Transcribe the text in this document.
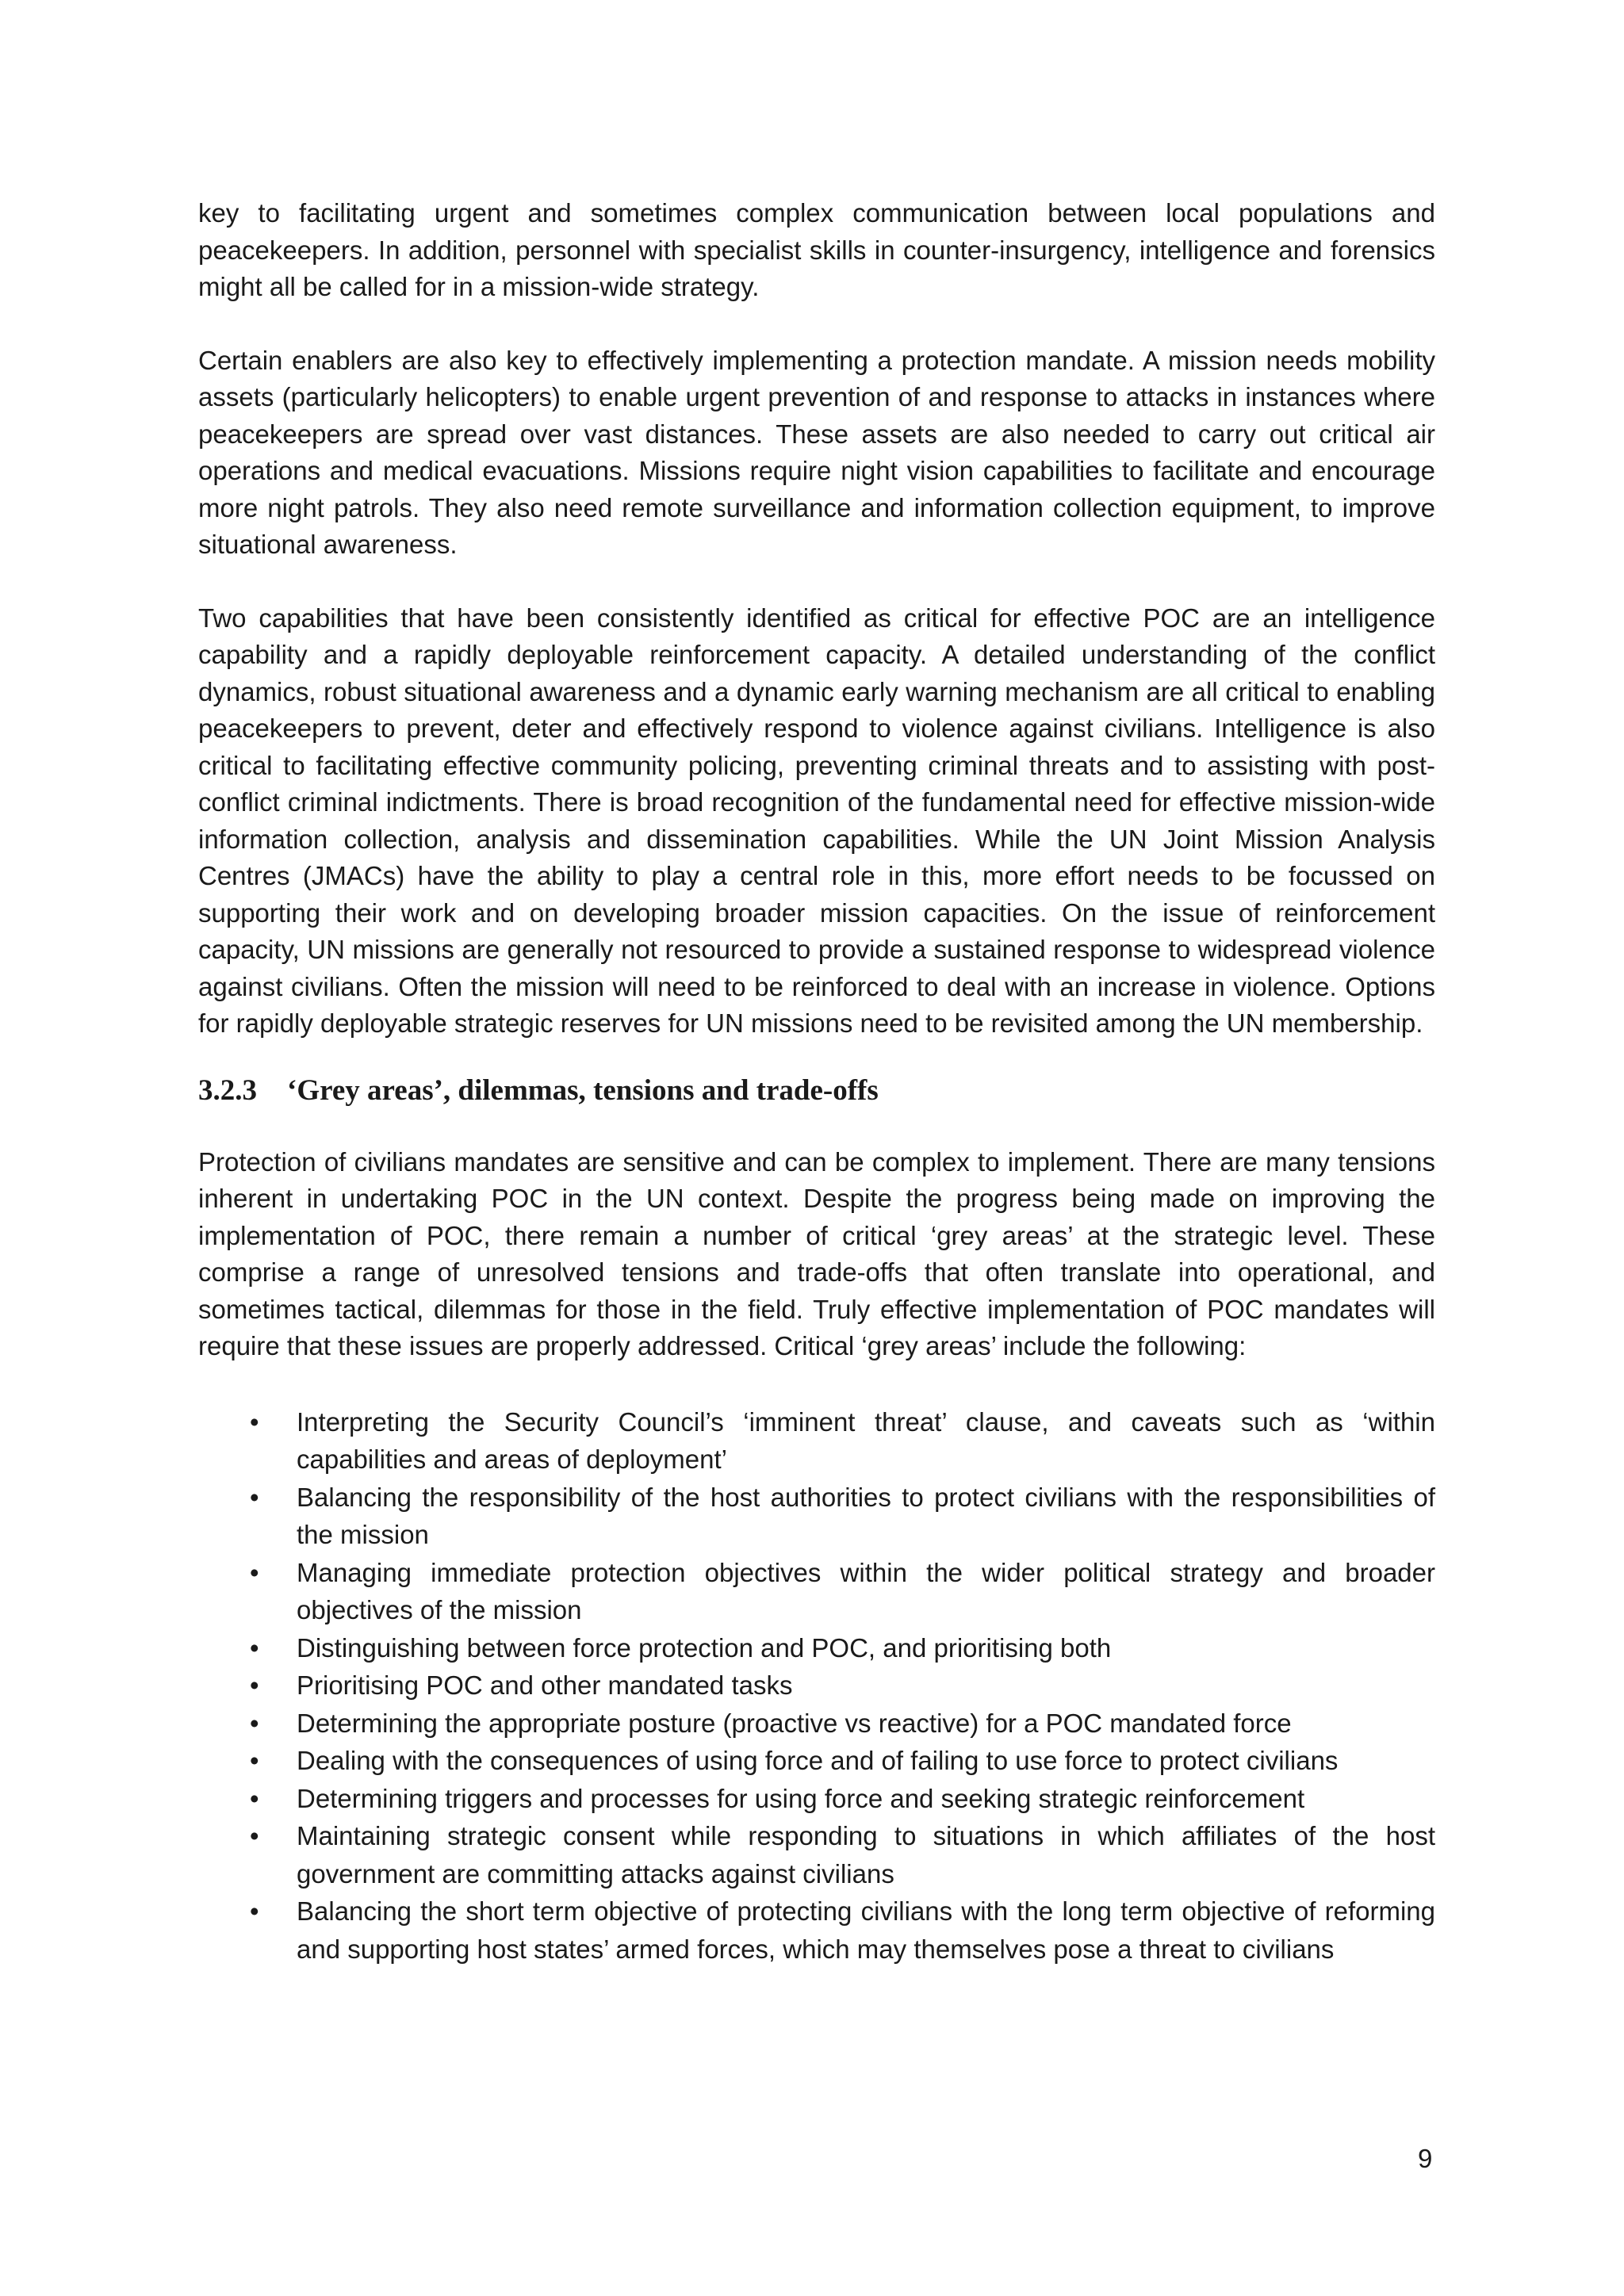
key to facilitating urgent and sometimes complex communication between local populations and peacekeepers. In addition, personnel with specialist skills in counter-insurgency, intelligence and forensics might all be called for in a mission-wide strategy.

Certain enablers are also key to effectively implementing a protection mandate. A mission needs mobility assets (particularly helicopters) to enable urgent prevention of and response to attacks in instances where peacekeepers are spread over vast distances. These assets are also needed to carry out critical air operations and medical evacuations. Missions require night vision capabilities to facilitate and encourage more night patrols. They also need remote surveillance and information collection equipment, to improve situational awareness.

Two capabilities that have been consistently identified as critical for effective POC are an intelligence capability and a rapidly deployable reinforcement capacity. A detailed understanding of the conflict dynamics, robust situational awareness and a dynamic early warning mechanism are all critical to enabling peacekeepers to prevent, deter and effectively respond to violence against civilians. Intelligence is also critical to facilitating effective community policing, preventing criminal threats and to assisting with post-conflict criminal indictments. There is broad recognition of the fundamental need for effective mission-wide information collection, analysis and dissemination capabilities. While the UN Joint Mission Analysis Centres (JMACs) have the ability to play a central role in this, more effort needs to be focussed on supporting their work and on developing broader mission capacities. On the issue of reinforcement capacity, UN missions are generally not resourced to provide a sustained response to widespread violence against civilians. Often the mission will need to be reinforced to deal with an increase in violence. Options for rapidly deployable strategic reserves for UN missions need to be revisited among the UN membership.

3.2.3 ‘Grey areas’, dilemmas, tensions and trade-offs

Protection of civilians mandates are sensitive and can be complex to implement. There are many tensions inherent in undertaking POC in the UN context. Despite the progress being made on improving the implementation of POC, there remain a number of critical ‘grey areas’ at the strategic level. These comprise a range of unresolved tensions and trade-offs that often translate into operational, and sometimes tactical, dilemmas for those in the field. Truly effective implementation of POC mandates will require that these issues are properly addressed. Critical ‘grey areas’ include the following:

• Interpreting the Security Council’s ‘imminent threat’ clause, and caveats such as ‘within capabilities and areas of deployment’
• Balancing the responsibility of the host authorities to protect civilians with the responsibilities of the mission
• Managing immediate protection objectives within the wider political strategy and broader objectives of the mission
• Distinguishing between force protection and POC, and prioritising both
• Prioritising POC and other mandated tasks
• Determining the appropriate posture (proactive vs reactive) for a POC mandated force
• Dealing with the consequences of using force and of failing to use force to protect civilians
• Determining triggers and processes for using force and seeking strategic reinforcement
• Maintaining strategic consent while responding to situations in which affiliates of the host government are committing attacks against civilians
• Balancing the short term objective of protecting civilians with the long term objective of reforming and supporting host states’ armed forces, which may themselves pose a threat to civilians
9
